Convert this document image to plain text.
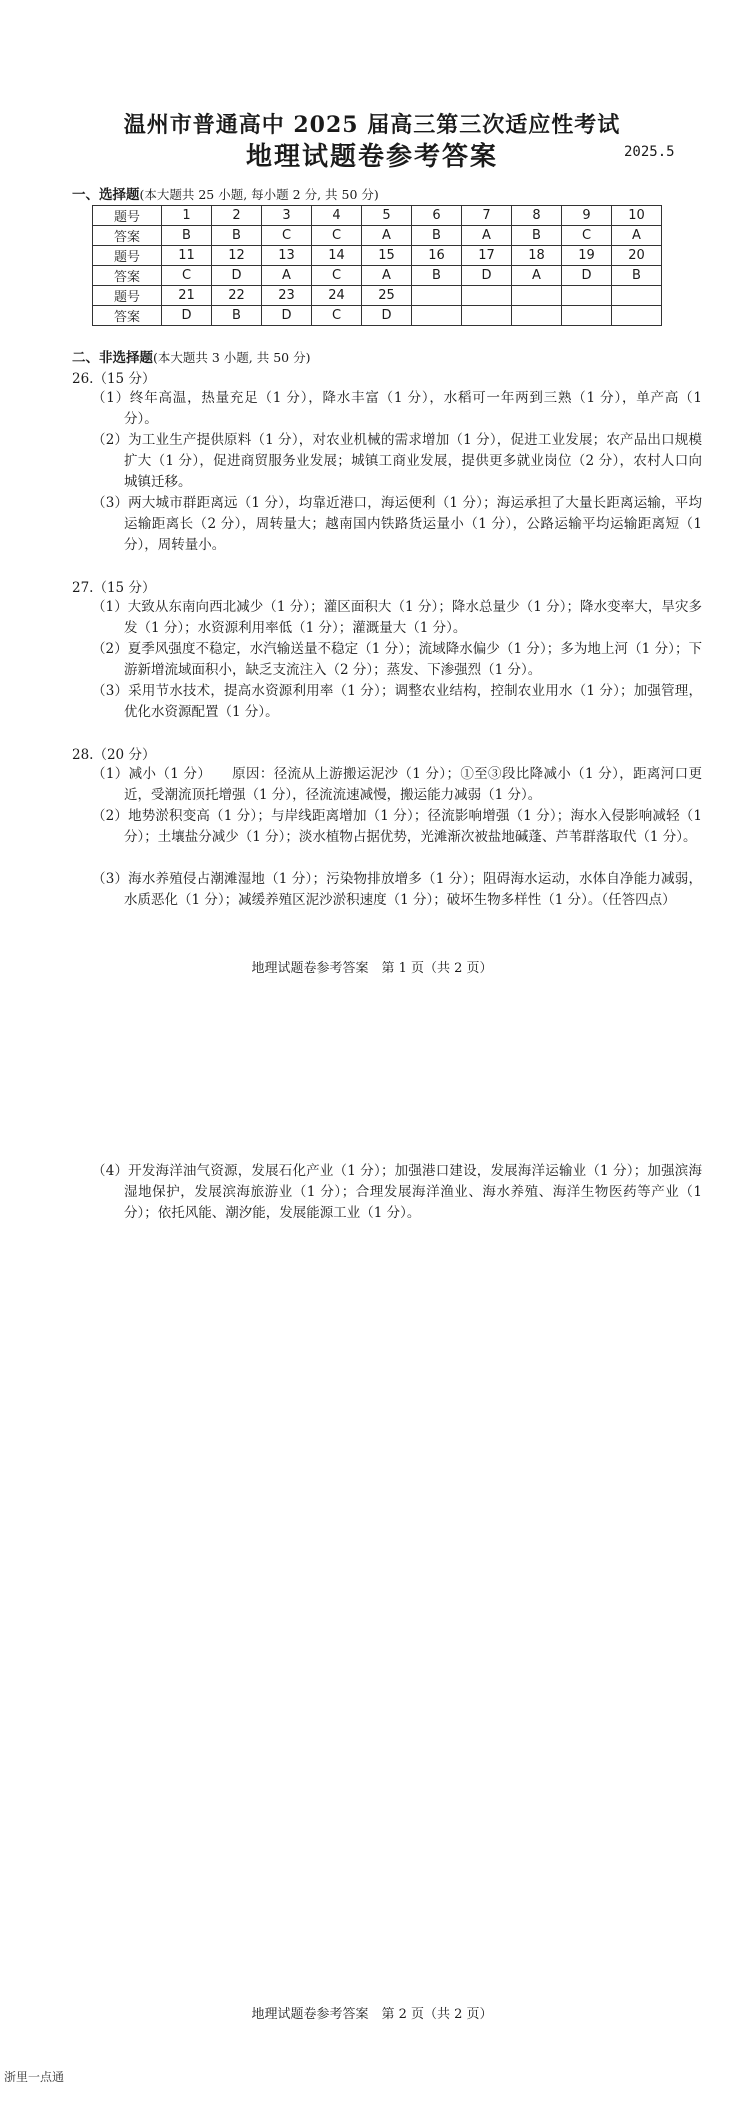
温州市普通高中 2025 届高三第三次适应性考试
地理试题卷参考答案	2025.5
一、选择题(本大题共 25 小题, 每小题 2 分, 共 50 分)
题号	1	2	3	4	5	6	7	8	9	10
答案	B	B	C	C	A	B	A	B	C	A
题号	11	12	13	14	15	16	17	18	19	20
答案	C	D	A	C	A	B	D	A	D	B
题号	21	22	23	24	25					
答案	D	B	D	C	D					
二、非选择题(本大题共 3 小题, 共 50 分)
26.（15 分）
（1）终年高温，热量充足（1 分），降水丰富（1 分），水稻可一年两到三熟（1 分），单产高（1 分）。
（2）为工业生产提供原料（1 分），对农业机械的需求增加（1 分），促进工业发展；农产品出口规模扩大（1 分），促进商贸服务业发展；城镇工商业发展，提供更多就业岗位（2 分），农村人口向城镇迁移。
（3）两大城市群距离远（1 分），均靠近港口，海运便利（1 分）；海运承担了大量长距离运输，平均运输距离长（2 分），周转量大；越南国内铁路货运量小（1 分），公路运输平均运输距离短（1 分），周转量小。
27.（15 分）
（1）大致从东南向西北减少（1 分）；灌区面积大（1 分）；降水总量少（1 分）；降水变率大，旱灾多发（1 分）；水资源利用率低（1 分）；灌溉量大（1 分）。
（2）夏季风强度不稳定，水汽输送量不稳定（1 分）；流域降水偏少（1 分）；多为地上河（1 分）；下游新增流域面积小，缺乏支流注入（2 分）；蒸发、下渗强烈（1 分）。
（3）采用节水技术，提高水资源利用率（1 分）；调整农业结构，控制农业用水（1 分）；加强管理，优化水资源配置（1 分）。
28.（20 分）
（1）减小（1 分）　　原因：径流从上游搬运泥沙（1 分）；①至③段比降减小（1 分），距离河口更近，受潮流顶托增强（1 分），径流流速减慢，搬运能力减弱（1 分）。
（2）地势淤积变高（1 分）；与岸线距离增加（1 分）；径流影响增强（1 分）；海水入侵影响减轻（1 分）；土壤盐分减少（1 分）；淡水植物占据优势，光滩渐次被盐地碱蓬、芦苇群落取代（1 分）。
（3）海水养殖侵占潮滩湿地（1 分）；污染物排放增多（1 分）；阻碍海水运动，水体自净能力减弱，水质恶化（1 分）；减缓养殖区泥沙淤积速度（1 分）；破坏生物多样性（1 分）。（任答四点）
地理试题卷参考答案　第 1 页（共 2 页）
（4）开发海洋油气资源，发展石化产业（1 分）；加强港口建设，发展海洋运输业（1 分）；加强滨海湿地保护，发展滨海旅游业（1 分）；合理发展海洋渔业、海水养殖、海洋生物医药等产业（1 分）；依托风能、潮汐能，发展能源工业（1 分）。
地理试题卷参考答案　第 2 页（共 2 页）
浙里一点通
